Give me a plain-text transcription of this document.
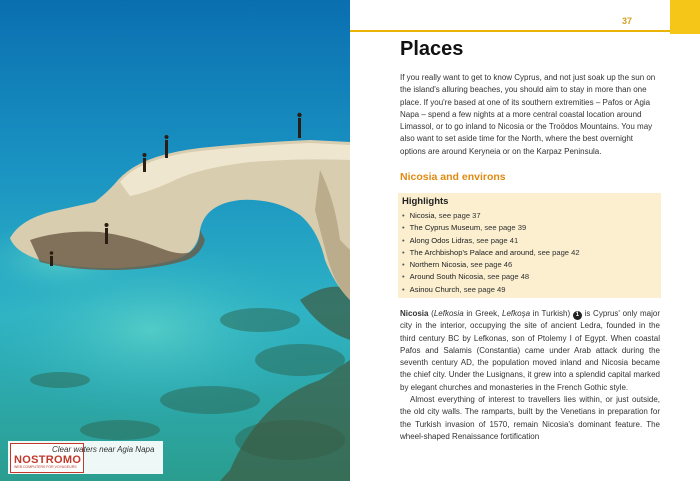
NOSTROMO
WEB COMPUTERS FOR VOYAGEURS
Clear waters near Agia Napa
37
Places
If you really want to get to know Cyprus, and not just soak up the sun on the island's alluring beaches, you should aim to stay in more than one place. If you're based at one of its southern extremities – Pafos or Agia Napa – spend a few nights at a more central coastal location around Limassol, or to go inland to Nicosia or the Troödos Mountains. You may also want to set aside time for the North, where the best overnight options are around Keryneia or on the Karpaz Peninsula.
Nicosia and environs
Highlights
• Nicosia, see page 37
• The Cyprus Museum, see page 39
• Along Odos Lidras, see page 41
• The Archbishop's Palace and around, see page 42
• Northern Nicosia, see page 46
• Around South Nicosia, see page 48
• Asinou Church, see page 49

Nicosia (Lefkosia in Greek, Lefkoşa in Turkish) 1 is Cyprus' only major city in the interior, occupying the site of ancient Ledra, founded in the third century BC by Lefkonas, son of Ptolemy I of Egypt. When coastal Pafos and Salamis (Constantia) came under Arab attack during the seventh century AD, the population moved inland and Nicosia became the chief city. Under the Lusignans, it grew into a splendid capital marked by elegant churches and monasteries in the French Gothic style.

Almost everything of interest to travellers lies within, or just outside, the old city walls. The ramparts, built by the Venetians in preparation for the Turkish invasion of 1570, remain Nicosia's dominant feature. The wheel-shaped Renaissance fortification
